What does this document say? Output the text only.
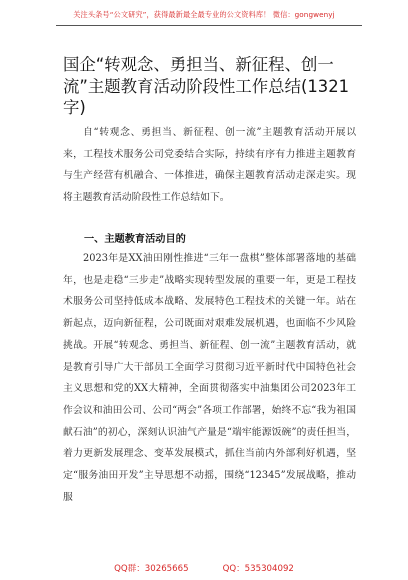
关注头条号“公文研究”，获得最新最全最专业的公文资料库！ 微信：gongwenyj
国企“转观念、勇担当、新征程、创一流”主题教育活动阶段性工作总结(1321字)

自“转观念、勇担当、新征程、创一流”主题教育活动开展以来，工程技术服务公司党委结合实际，持续有序有力推进主题教育与生产经营有机融合、一体推进，确保主题教育活动走深走实。现将主题教育活动阶段性工作总结如下。

一、主题教育活动目的

2023年是XX油田刚性推进“三年一盘棋”整体部署落地的基础年，也是走稳“三步走”战略实现转型发展的重要一年，更是工程技术服务公司坚持低成本战略、发展特色工程技术的关键一年。站在新起点，迈向新征程，公司既面对艰难发展机遇，也面临不少风险挑战。开展“转观念、勇担当、新征程、创一流”主题教育活动，就是教育引导广大干部员工全面学习贯彻习近平新时代中国特色社会主义思想和党的XX大精神，全面贯彻落实中油集团公司2023年工作会议和油田公司、公司“两会”各项工作部署，始终不忘“我为祖国献石油”的初心，深刻认识油气产量是“端牢能源饭碗”的责任担当，着力更新发展理念、变革发展模式，抓住当前内外部利好机遇，坚定“服务油田开发”主导思想不动摇，围绕“12345”发展战略，推动服

QQ群：30265665	QQ：535304092
